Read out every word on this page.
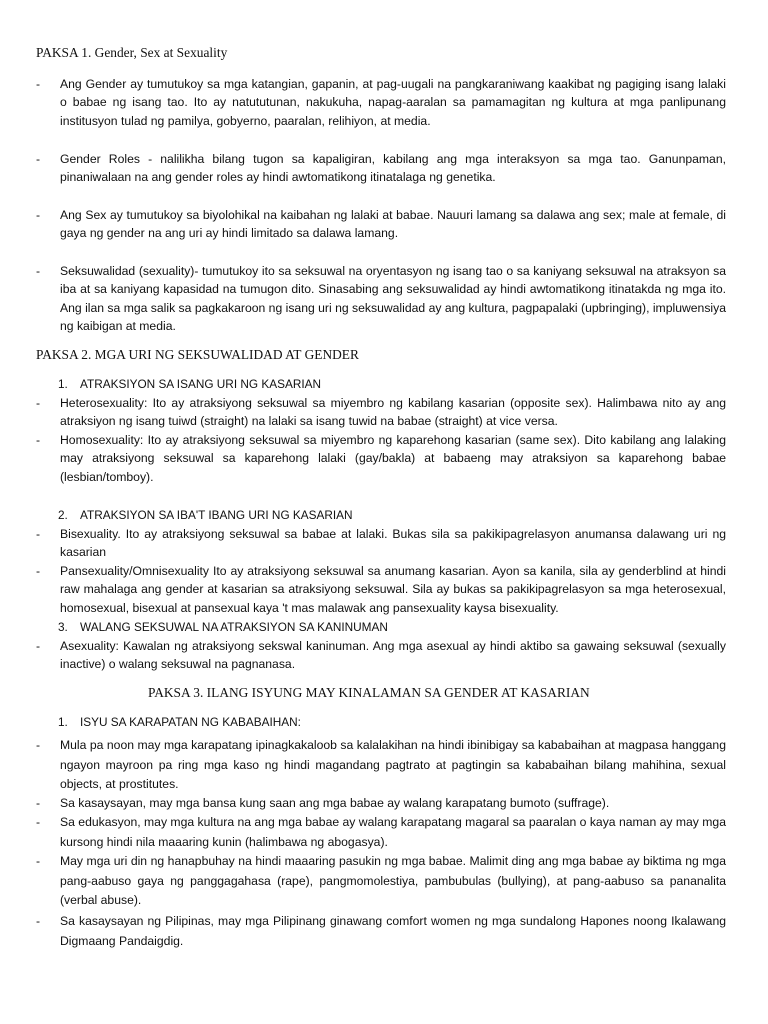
PAKSA 1. Gender, Sex at Sexuality
-	Ang Gender ay tumutukoy sa mga katangian, gapanin, at pag-uugali na pangkaraniwang kaakibat ng pagiging isang lalaki o babae ng isang tao. Ito ay natututunan, nakukuha, napag-aaralan sa pamamagitan ng kultura at mga panlipunang institusyon tulad ng pamilya, gobyerno, paaralan, relihiyon, at media.
-	Gender Roles - nalilikha bilang tugon sa kapaligiran, kabilang ang mga interaksyon sa mga tao. Ganunpaman, pinaniwalaan na ang gender roles ay hindi awtomatikong itinatalaga ng genetika.
-	Ang Sex ay tumutukoy sa biyolohikal na kaibahan ng lalaki at babae. Nauuri lamang sa dalawa ang sex; male at female, di gaya ng gender na ang uri ay hindi limitado sa dalawa lamang.
-	Seksuwalidad (sexuality)- tumutukoy ito sa seksuwal na oryentasyon ng isang tao o sa kaniyang seksuwal na atraksyon sa iba at sa kaniyang kapasidad na tumugon dito. Sinasabing ang seksuwalidad ay hindi awtomatikong itinatakda ng mga ito. Ang ilan sa mga salik sa pagkakaroon ng isang uri ng seksuwalidad ay ang kultura, pagpapalaki (upbringing), impluwensiya ng kaibigan at media.
PAKSA 2. MGA URI NG SEKSUWALIDAD AT GENDER
1. ATRAKSIYON SA ISANG URI NG KASARIAN
-	Heterosexuality: Ito ay atraksiyong seksuwal sa miyembro ng kabilang kasarian (opposite sex). Halimbawa nito ay ang atraksiyon ng isang tuiwd (straight) na lalaki sa isang tuwid na babae (straight) at vice versa.
-	Homosexuality: Ito ay atraksiyong seksuwal sa miyembro ng kaparehong kasarian (same sex). Dito kabilang ang lalaking may atraksiyong seksuwal sa kaparehong lalaki (gay/bakla) at babaeng may atraksiyon sa kaparehong babae (lesbian/tomboy).
2. ATRAKSIYON SA IBA'T IBANG URI NG KASARIAN
-	Bisexuality. Ito ay atraksiyong seksuwal sa babae at lalaki. Bukas sila sa pakikipagrelasyon anumansa dalawang uri ng kasarian
-	Pansexuality/Omnisexuality Ito ay atraksiyong seksuwal sa anumang kasarian. Ayon sa kanila, sila ay genderblind at hindi raw mahalaga ang gender at kasarian sa atraksiyong seksuwal. Sila ay bukas sa pakikipagrelasyon sa mga heterosexual, homosexual, bisexual at pansexual kaya 't mas malawak ang pansexuality kaysa bisexuality.
3. WALANG SEKSUWAL NA ATRAKSIYON SA KANINUMAN
-	Asexuality: Kawalan ng atraksiyong sekswal kaninuman. Ang mga asexual ay hindi aktibo sa gawaing seksuwal (sexually inactive) o walang seksuwal na pagnanasa.
PAKSA 3. ILANG ISYUNG MAY KINALAMAN SA GENDER AT KASARIAN
1. ISYU SA KARAPATAN NG KABABAIHAN:
-	Mula pa noon may mga karapatang ipinagkakaloob sa kalalakihan na hindi ibinibigay sa kababaihan at magpasa hanggang ngayon mayroon pa ring mga kaso ng hindi magandang pagtrato at pagtingin sa kababaihan bilang mahihina, sexual objects, at prostitutes.
-	Sa kasaysayan, may mga bansa kung saan ang mga babae ay walang karapatang bumoto (suffrage).
-	Sa edukasyon, may mga kultura na ang mga babae ay walang karapatang magaral sa paaralan o kaya naman ay may mga kursong hindi nila maaaring kunin (halimbawa ng abogasya).
-	May mga uri din ng hanapbuhay na hindi maaaring pasukin ng mga babae. Malimit ding ang mga babae ay biktima ng mga pang-aabuso gaya ng panggagahasa (rape), pangmomolestiya, pambubulas (bullying), at pang-aabuso sa pananalita (verbal abuse).
-	Sa kasaysayan ng Pilipinas, may mga Pilipinang ginawang comfort women ng mga sundalong Hapones noong Ikalawang Digmaang Pandaigdig.
